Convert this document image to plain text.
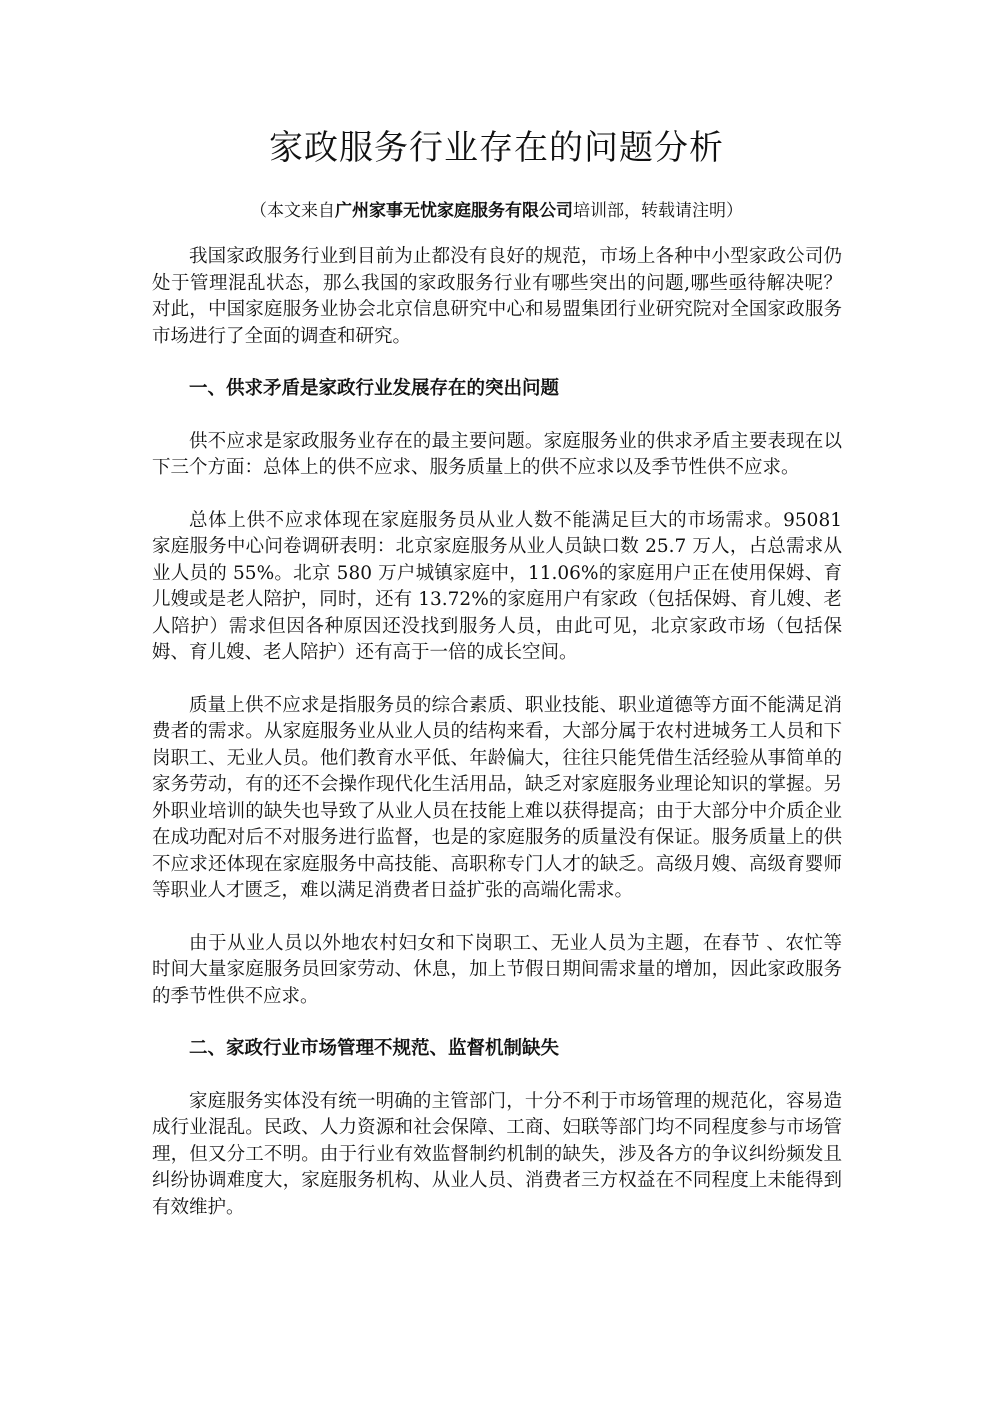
家政服务行业存在的问题分析

（本文来自广州家事无忧家庭服务有限公司培训部，转载请注明）

我国家政服务行业到目前为止都没有良好的规范，市场上各种中小型家政公司仍处于管理混乱状态，那么我国的家政服务行业有哪些突出的问题,哪些亟待解决呢？对此，中国家庭服务业协会北京信息研究中心和易盟集团行业研究院对全国家政服务市场进行了全面的调查和研究。

一、供求矛盾是家政行业发展存在的突出问题

供不应求是家政服务业存在的最主要问题。家庭服务业的供求矛盾主要表现在以下三个方面：总体上的供不应求、服务质量上的供不应求以及季节性供不应求。

总体上供不应求体现在家庭服务员从业人数不能满足巨大的市场需求。95081 家庭服务中心问卷调研表明：北京家庭服务从业人员缺口数 25.7 万人，占总需求从业人员的 55%。北京 580 万户城镇家庭中，11.06%的家庭用户正在使用保姆、育儿嫂或是老人陪护，同时，还有 13.72%的家庭用户有家政（包括保姆、育儿嫂、老人陪护）需求但因各种原因还没找到服务人员，由此可见，北京家政市场（包括保姆、育儿嫂、老人陪护）还有高于一倍的成长空间。

质量上供不应求是指服务员的综合素质、职业技能、职业道德等方面不能满足消费者的需求。从家庭服务业从业人员的结构来看，大部分属于农村进城务工人员和下岗职工、无业人员。他们教育水平低、年龄偏大，往往只能凭借生活经验从事简单的家务劳动，有的还不会操作现代化生活用品，缺乏对家庭服务业理论知识的掌握。另外职业培训的缺失也导致了从业人员在技能上难以获得提高；由于大部分中介质企业在成功配对后不对服务进行监督，也是的家庭服务的质量没有保证。服务质量上的供不应求还体现在家庭服务中高技能、高职称专门人才的缺乏。高级月嫂、高级育婴师等职业人才匮乏，难以满足消费者日益扩张的高端化需求。

由于从业人员以外地农村妇女和下岗职工、无业人员为主题，在春节 、农忙等时间大量家庭服务员回家劳动、休息，加上节假日期间需求量的增加，因此家政服务的季节性供不应求。

二、家政行业市场管理不规范、监督机制缺失

家庭服务实体没有统一明确的主管部门，十分不利于市场管理的规范化，容易造成行业混乱。民政、人力资源和社会保障、工商、妇联等部门均不同程度参与市场管理，但又分工不明。由于行业有效监督制约机制的缺失，涉及各方的争议纠纷频发且纠纷协调难度大，家庭服务机构、从业人员、消费者三方权益在不同程度上未能得到有效维护。
